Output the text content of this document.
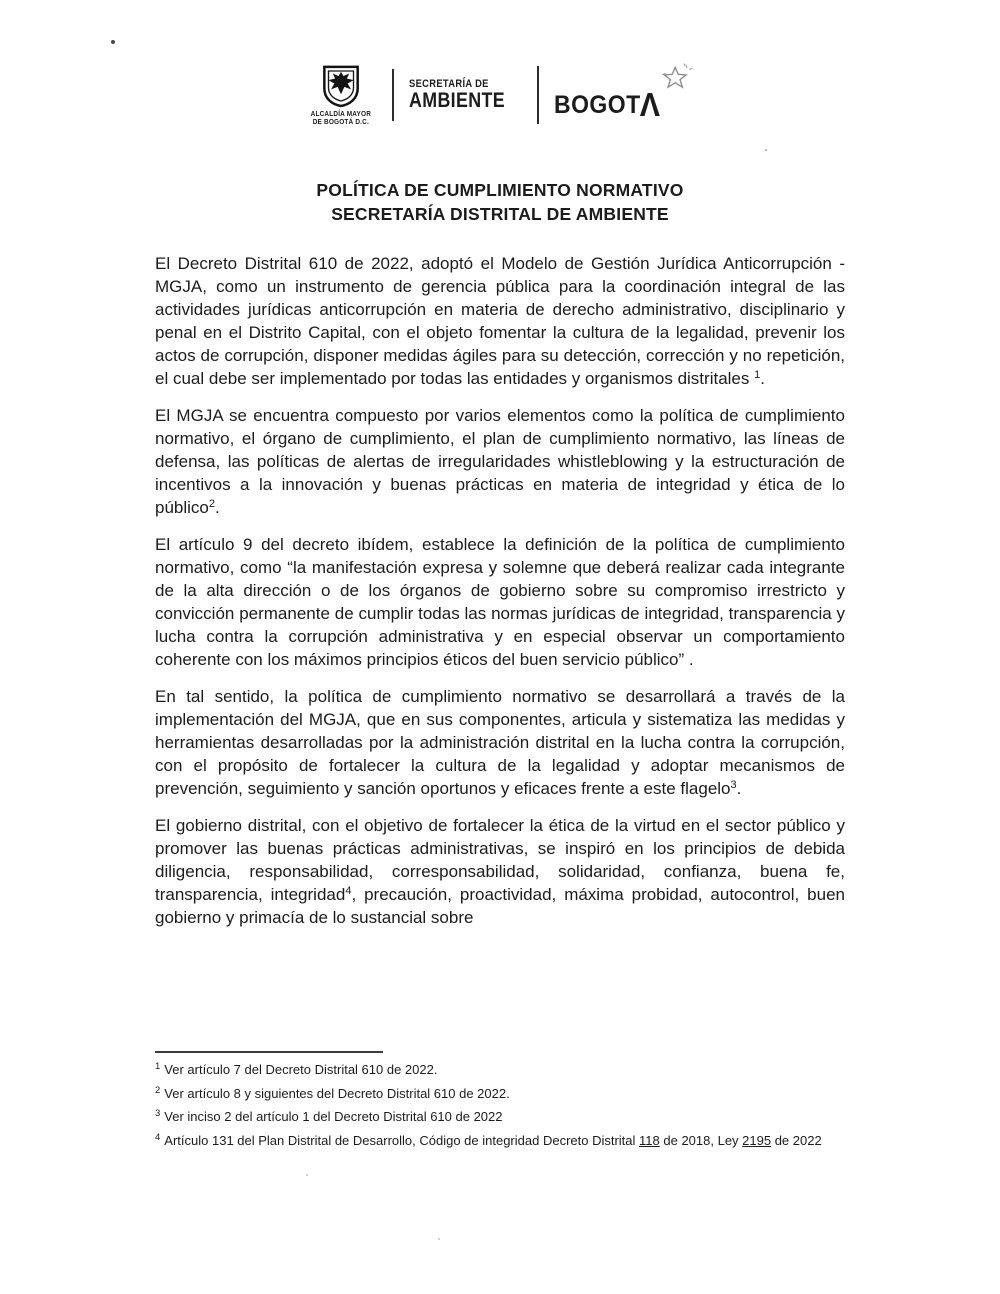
ALCALDÍA MAYOR
DE BOGOTÁ D.C.
SECRETARÍA DE
AMBIENTE BOGOTΛ
POLÍTICA DE CUMPLIMIENTO NORMATIVO
SECRETARÍA DISTRITAL DE AMBIENTE

El Decreto Distrital 610 de 2022, adoptó el Modelo de Gestión Jurídica Anticorrupción - MGJA, como un instrumento de gerencia pública para la coordinación integral de las actividades jurídicas anticorrupción en materia de derecho administrativo, disciplinario y penal en el Distrito Capital, con el objeto fomentar la cultura de la legalidad, prevenir los actos de corrupción, disponer medidas ágiles para su detección, corrección y no repetición, el cual debe ser implementado por todas las entidades y organismos distritales $^1$.

El MGJA se encuentra compuesto por varios elementos como la política de cumplimiento normativo, el órgano de cumplimiento, el plan de cumplimiento normativo, las líneas de defensa, las políticas de alertas de irregularidades whistleblowing y la estructuración de incentivos a la innovación y buenas prácticas en materia de integridad y ética de lo público$^2$.

El artículo 9 del decreto ibídem, establece la definición de la política de cumplimiento normativo, como “la manifestación expresa y solemne que deberá realizar cada integrante de la alta dirección o de los órganos de gobierno sobre su compromiso irrestricto y convicción permanente de cumplir todas las normas jurídicas de integridad, transparencia y lucha contra la corrupción administrativa y en especial observar un comportamiento coherente con los máximos principios éticos del buen servicio público” .

En tal sentido, la política de cumplimiento normativo se desarrollará a través de la implementación del MGJA, que en sus componentes, articula y sistematiza las medidas y herramientas desarrolladas por la administración distrital en la lucha contra la corrupción, con el propósito de fortalecer la cultura de la legalidad y adoptar mecanismos de prevención, seguimiento y sanción oportunos y eficaces frente a este flagelo$^3$.

El gobierno distrital, con el objetivo de fortalecer la ética de la virtud en el sector público y promover las buenas prácticas administrativas, se inspiró en los principios de debida diligencia, responsabilidad, corresponsabilidad, solidaridad, confianza, buena fe, transparencia, integridad$^4$, precaución, proactividad, máxima probidad, autocontrol, buen gobierno y primacía de lo sustancial sobre

$^1$ Ver artículo 7 del Decreto Distrital 610 de 2022.
$^2$ Ver artículo 8 y siguientes del Decreto Distrital 610 de 2022.
$^3$ Ver inciso 2 del artículo 1 del Decreto Distrital 610 de 2022
$^4$ Artículo 131 del Plan Distrital de Desarrollo, Código de integridad Decreto Distrital 118 de 2018, Ley 2195 de 2022
